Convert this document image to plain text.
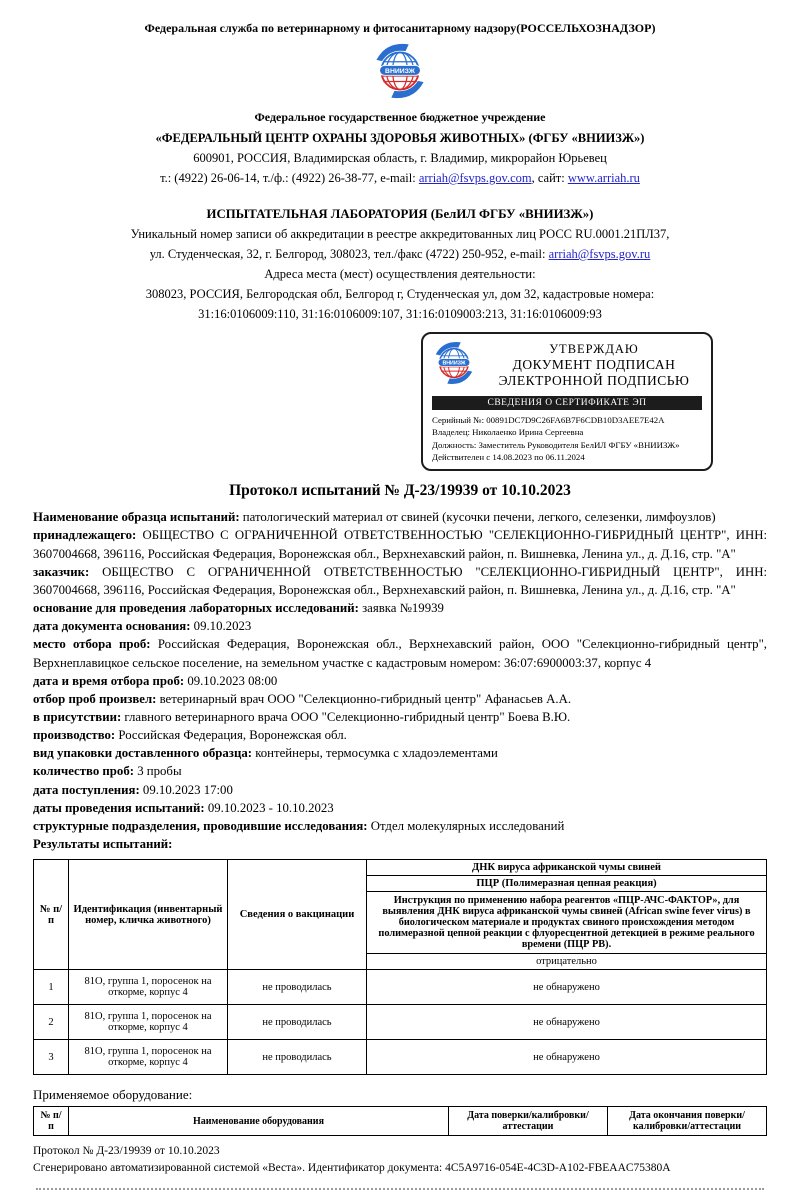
Федеральная служба по ветеринарному и фитосанитарному надзору(РОССЕЛЬХОЗНАДЗОР)
Федеральное государственное бюджетное учреждение
«ФЕДЕРАЛЬНЫЙ ЦЕНТР ОХРАНЫ ЗДОРОВЬЯ ЖИВОТНЫХ» (ФГБУ «ВНИИЗЖ»)
600901, РОССИЯ, Владимирская область, г. Владимир, микрорайон Юрьевец
т.: (4922) 26-06-14, т./ф.: (4922) 26-38-77, e-mail: arriah@fsvps.gov.com, сайт: www.arriah.ru
ИСПЫТАТЕЛЬНАЯ ЛАБОРАТОРИЯ (БелИЛ ФГБУ «ВНИИЗЖ»)
Уникальный номер записи об аккредитации в реестре аккредитованных лиц РОСС RU.0001.21ПЛ37,
ул. Студенческая, 32, г. Белгород, 308023, тел./факс (4722) 250-952, e-mail: arriah@fsvps.gov.ru
Адреса места (мест) осуществления деятельности:
308023, РОССИЯ, Белгородская обл, Белгород г, Студенческая ул, дом 32, кадастровые номера:
31:16:0106009:110, 31:16:0106009:107, 31:16:0109003:213, 31:16:0106009:93
УТВЕРЖДАЮ
ДОКУМЕНТ ПОДПИСАН
ЭЛЕКТРОННОЙ ПОДПИСЬЮ
СВЕДЕНИЯ О СЕРТИФИКАТЕ ЭП
Серийный №: 00891DC7D9C26FA6B7F6CDB10D3AEE7E42A
Владелец: Николаенко Ирина Сергеевна
Должность: Заместитель Руководителя БелИЛ ФГБУ «ВНИИЗЖ»
Действителен с 14.08.2023 по 06.11.2024
Протокол испытаний № Д-23/19939 от 10.10.2023

Наименование образца испытаний: патологический материал от свиней (кусочки печени, легкого, селезенки, лимфоузлов)

принадлежащего: ОБЩЕСТВО С ОГРАНИЧЕННОЙ ОТВЕТСТВЕННОСТЬЮ "СЕЛЕКЦИОННО-ГИБРИДНЫЙ ЦЕНТР", ИНН: 3607004668, 396116, Российская Федерация, Воронежская обл., Верхнехавский район, п. Вишневка, Ленина ул., д. Д.16, стр. "А"

заказчик: ОБЩЕСТВО С ОГРАНИЧЕННОЙ ОТВЕТСТВЕННОСТЬЮ "СЕЛЕКЦИОННО-ГИБРИДНЫЙ ЦЕНТР", ИНН: 3607004668, 396116, Российская Федерация, Воронежская обл., Верхнехавский район, п. Вишневка, Ленина ул., д. Д.16, стр. "А"

основание для проведения лабораторных исследований: заявка №19939

дата документа основания: 09.10.2023

место отбора проб: Российская Федерация, Воронежская обл., Верхнехавский район, ООО "Селекционно-гибридный центр", Верхнеплавицкое сельское поселение, на земельном участке с кадастровым номером: 36:07:6900003:37, корпус 4

дата и время отбора проб: 09.10.2023 08:00

отбор проб произвел: ветеринарный врач ООО "Селекционно-гибридный центр" Афанасьев А.А.

в присутствии: главного ветеринарного врача ООО "Селекционно-гибридный центр" Боева В.Ю.

производство: Российская Федерация, Воронежская обл.

вид упаковки доставленного образца: контейнеры, термосумка с хладоэлементами

количество проб: 3 пробы

дата поступления: 09.10.2023 17:00

даты проведения испытаний: 09.10.2023 - 10.10.2023

структурные подразделения, проводившие исследования: Отдел молекулярных исследований

Результаты испытаний:

№ п/п	Идентификация (инвентарный номер, кличка животного)	Сведения о вакцинации	ДНК вируса африканской чумы свиней
			ПЦР (Полимеразная цепная реакция)
			Инструкция по применению набора реагентов «ПЦР-АЧС-ФАКТОР», для выявления ДНК вируса африканской чумы свиней (African swine fever virus) в биологическом материале и продуктах свиного происхождения методом полимеразной цепной реакции с флуоресцентной детекцией в режиме реального времени (ПЦР РВ).
			отрицательно
1	81О, группа 1, поросенок на откорме, корпус 4	не проводилась	не обнаружено
2	81О, группа 1, поросенок на откорме, корпус 4	не проводилась	не обнаружено
3	81О, группа 1, поросенок на откорме, корпус 4	не проводилась	не обнаружено
Применяемое оборудование:
№ п/п	Наименование оборудования	Дата поверки/калибровки/аттестации	Дата окончания поверки/калибровки/аттестации
Протокол № Д-23/19939 от 10.10.2023
Сгенерировано автоматизированной системой «Веста». Идентификатор документа: 4C5A9716-054E-4C3D-A102-FBEAAC75380A
